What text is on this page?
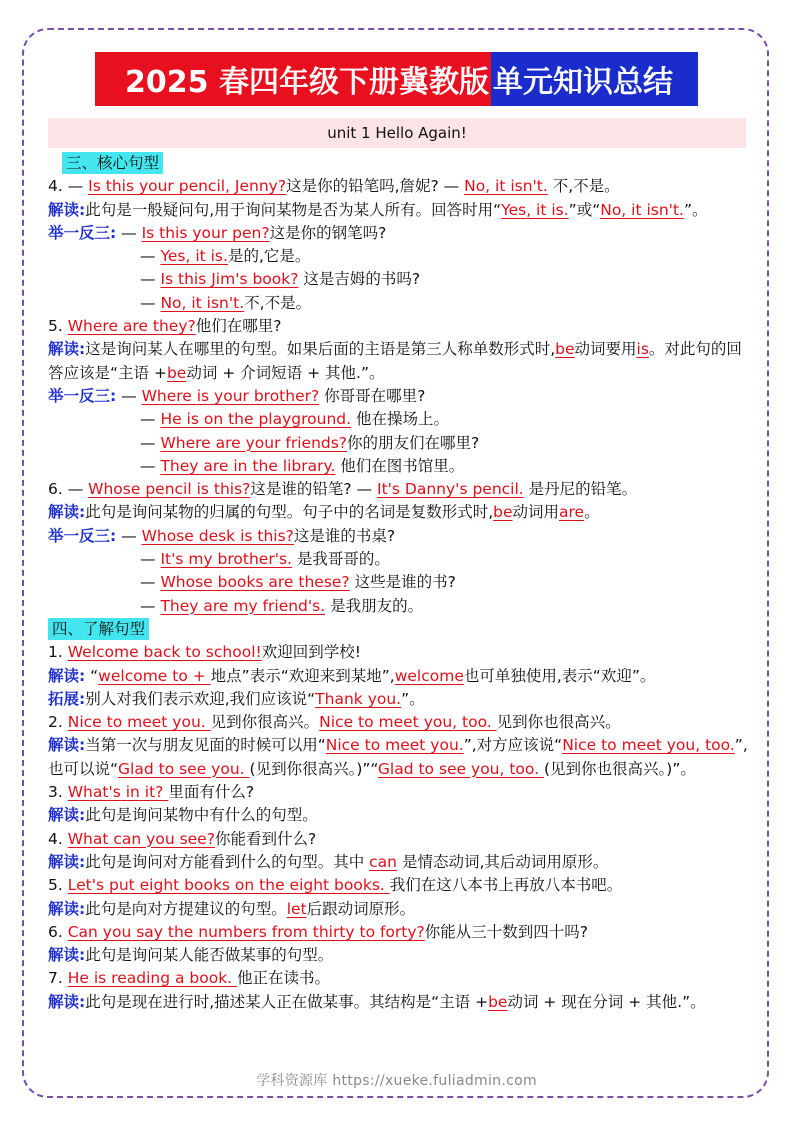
2025 春四年级下册冀教版 单元知识总结
unit 1 Hello Again!
三、核心句型
4. — Is this your pencil, Jenny?这是你的铅笔吗,詹妮? — No, it isn't. 不,不是。
解读:此句是一般疑问句,用于询问某物是否为某人所有。回答时用“Yes, it is.”或“No, it isn't.”。
举一反三: — Is this your pen?这是你的钢笔吗?
— Yes, it is.是的,它是。
— Is this Jim's book? 这是吉姆的书吗?
— No, it isn't.不,不是。
5. Where are they?他们在哪里?
解读:这是询问某人在哪里的句型。如果后面的主语是第三人称单数形式时,be动词要用is。对此句的回答应该是“主语 +be动词 + 介词短语 + 其他.”。
举一反三: — Where is your brother? 你哥哥在哪里?
— He is on the playground. 他在操场上。
— Where are your friends?你的朋友们在哪里?
— They are in the library. 他们在图书馆里。
6. — Whose pencil is this?这是谁的铅笔? — It's Danny's pencil. 是丹尼的铅笔。
解读:此句是询问某物的归属的句型。句子中的名词是复数形式时,be动词用are。
举一反三: — Whose desk is this?这是谁的书桌?
— It's my brother's. 是我哥哥的。
— Whose books are these? 这些是谁的书?
— They are my friend's. 是我朋友的。
四、了解句型
1. Welcome back to school!欢迎回到学校!
解读: “welcome to + 地点”表示“欢迎来到某地”,welcome也可单独使用,表示“欢迎”。
拓展:别人对我们表示欢迎,我们应该说“Thank you.”。
2. Nice to meet you. 见到你很高兴。Nice to meet you, too. 见到你也很高兴。
解读:当第一次与朋友见面的时候可以用“Nice to meet you.”,对方应该说“Nice to meet you, too.”,也可以说“Glad to see you. (见到你很高兴。)”“Glad to see you, too. (见到你也很高兴。)”。
3. What's in it? 里面有什么?
解读:此句是询问某物中有什么的句型。
4. What can you see?你能看到什么?
解读:此句是询问对方能看到什么的句型。其中 can 是情态动词,其后动词用原形。
5. Let's put eight books on the eight books. 我们在这八本书上再放八本书吧。
解读:此句是向对方提建议的句型。let后跟动词原形。
6. Can you say the numbers from thirty to forty?你能从三十数到四十吗?
解读:此句是询问某人能否做某事的句型。
7. He is reading a book. 他正在读书。
解读:此句是现在进行时,描述某人正在做某事。其结构是“主语 +be动词 + 现在分词 + 其他.”。
学科资源库 https://xueke.fuliadmin.com
